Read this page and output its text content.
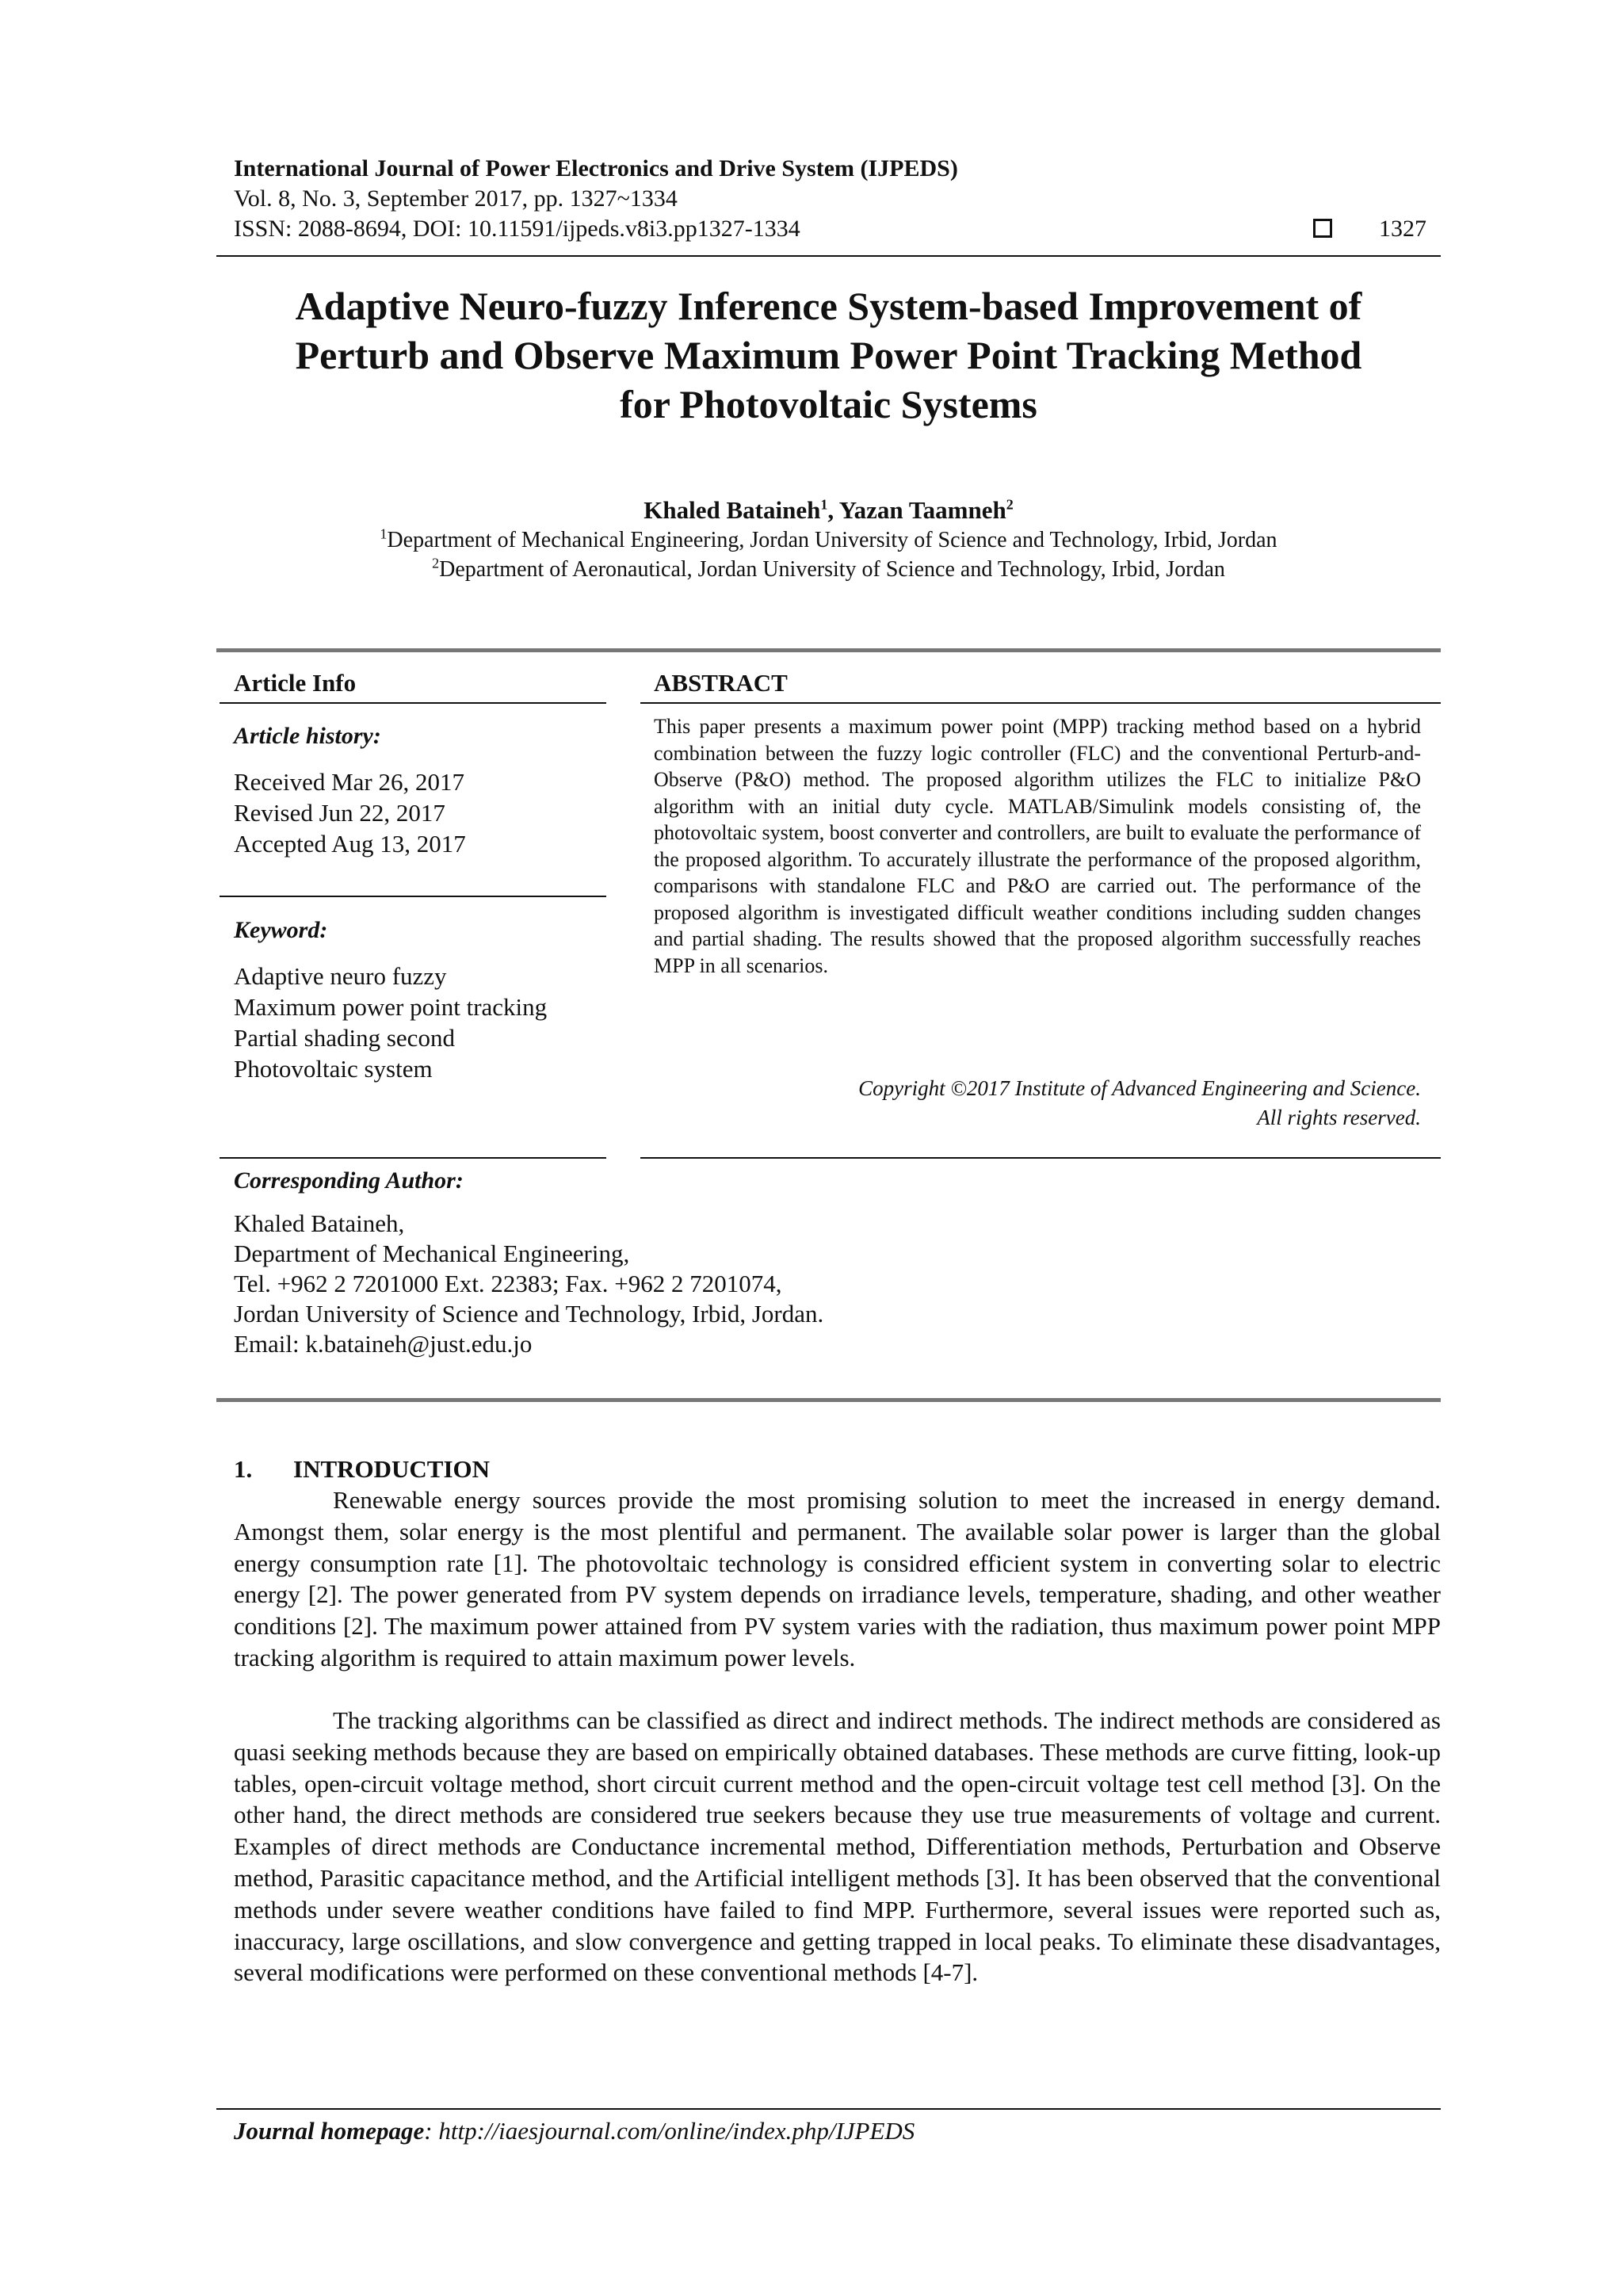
International Journal of Power Electronics and Drive System (IJPEDS)
Vol. 8, No. 3, September 2017, pp. 1327~1334
ISSN: 2088-8694, DOI: 10.11591/ijpeds.v8i3.pp1327-1334	1327
Adaptive Neuro-fuzzy Inference System-based Improvement of
Perturb and Observe Maximum Power Point Tracking Method
for Photovoltaic Systems
Khaled Bataineh$^1$, Yazan Taamneh$^2$
$^1$Department of Mechanical Engineering, Jordan University of Science and Technology, Irbid, Jordan
$^2$Department of Aeronautical, Jordan University of Science and Technology, Irbid, Jordan
Article Info
Article history:
Received Mar 26, 2017
Revised Jun 22, 2017
Accepted Aug 13, 2017
Keyword:
Adaptive neuro fuzzy
Maximum power point tracking
Partial shading second
Photovoltaic system
ABSTRACT
This paper presents a maximum power point (MPP) tracking method based on a hybrid combination between the fuzzy logic controller (FLC) and the conventional Perturb-and-Observe (P&O) method. The proposed algorithm utilizes the FLC to initialize P&O algorithm with an initial duty cycle. MATLAB/Simulink models consisting of, the photovoltaic system, boost converter and controllers, are built to evaluate the performance of the proposed algorithm. To accurately illustrate the performance of the proposed algorithm, comparisons with standalone FLC and P&O are carried out. The performance of the proposed algorithm is investigated difficult weather conditions including sudden changes and partial shading. The results showed that the proposed algorithm successfully reaches MPP in all scenarios.
Copyright ©2017 Institute of Advanced Engineering and Science.
All rights reserved.
Corresponding Author:
Khaled Bataineh,
Department of Mechanical Engineering,
Tel. +962 2 7201000 Ext. 22383; Fax. +962 2 7201074,
Jordan University of Science and Technology, Irbid, Jordan.
Email: k.bataineh@just.edu.jo
1. INTRODUCTION

Renewable energy sources provide the most promising solution to meet the increased in energy demand. Amongst them, solar energy is the most plentiful and permanent. The available solar power is larger than the global energy consumption rate [1]. The photovoltaic technology is considred efficient system in converting solar to electric energy [2]. The power generated from PV system depends on irradiance levels, temperature, shading, and other weather conditions [2]. The maximum power attained from PV system varies with the radiation, thus maximum power point MPP tracking algorithm is required to attain maximum power levels.

The tracking algorithms can be classified as direct and indirect methods. The indirect methods are considered as quasi seeking methods because they are based on empirically obtained databases. These methods are curve fitting, look-up tables, open-circuit voltage method, short circuit current method and the open-circuit voltage test cell method [3]. On the other hand, the direct methods are considered true seekers because they use true measurements of voltage and current. Examples of direct methods are Conductance incremental method, Differentiation methods, Perturbation and Observe method, Parasitic capacitance method, and the Artificial intelligent methods [3]. It has been observed that the conventional methods under severe weather conditions have failed to find MPP. Furthermore, several issues were reported such as, inaccuracy, large oscillations, and slow convergence and getting trapped in local peaks. To eliminate these disadvantages, several modifications were performed on these conventional methods [4-7].

Journal homepage: http://iaesjournal.com/online/index.php/IJPEDS
